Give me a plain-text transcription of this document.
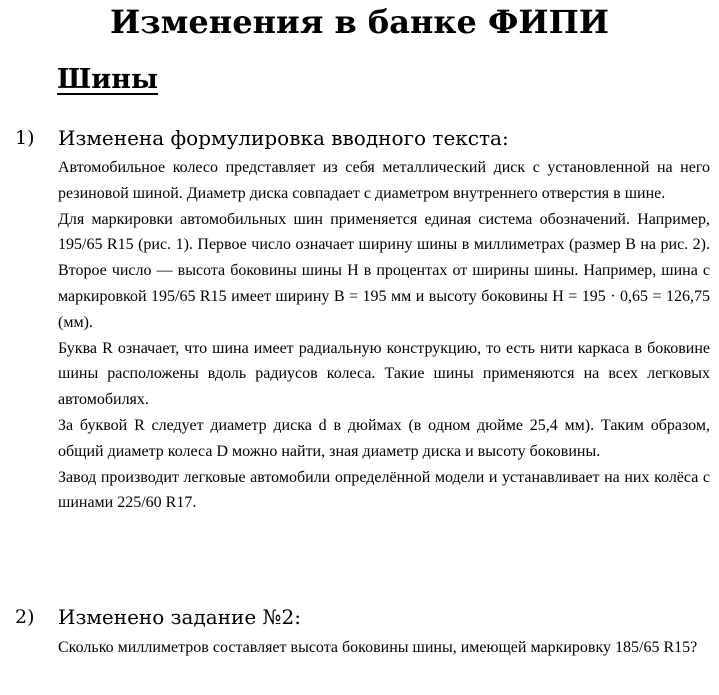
Изменения в банке ФИПИ
Шины
1) Изменена формулировка вводного текста:

Автомобильное колесо представляет из себя металлический диск с установленной на него резиновой шиной. Диаметр диска совпадает с диаметром внутреннего отверстия в шине.

Для маркировки автомобильных шин применяется единая система обозначений. Например, 195/65 R15 (рис. 1). Первое число означает ширину шины в миллиметрах (размер B на рис. 2). Второе число — высота боковины шины H в процентах от ширины шины. Например, шина с маркировкой 195/65 R15 имеет ширину B = 195 мм и высоту боковины H = 195 · 0,65 = 126,75 (мм).

Буква R означает, что шина имеет радиальную конструкцию, то есть нити каркаса в боковине шины расположены вдоль радиусов колеса. Такие шины применяются на всех легковых автомобилях.

За буквой R следует диаметр диска d в дюймах (в одном дюйме 25,4 мм). Таким образом, общий диаметр колеса D можно найти, зная диаметр диска и высоту боковины.

Завод производит легковые автомобили определённой модели и устанавливает на них колёса с шинами 225/60 R17.

2) Изменено задание №2:

Сколько миллиметров составляет высота боковины шины, имеющей маркировку 185/65 R15?
